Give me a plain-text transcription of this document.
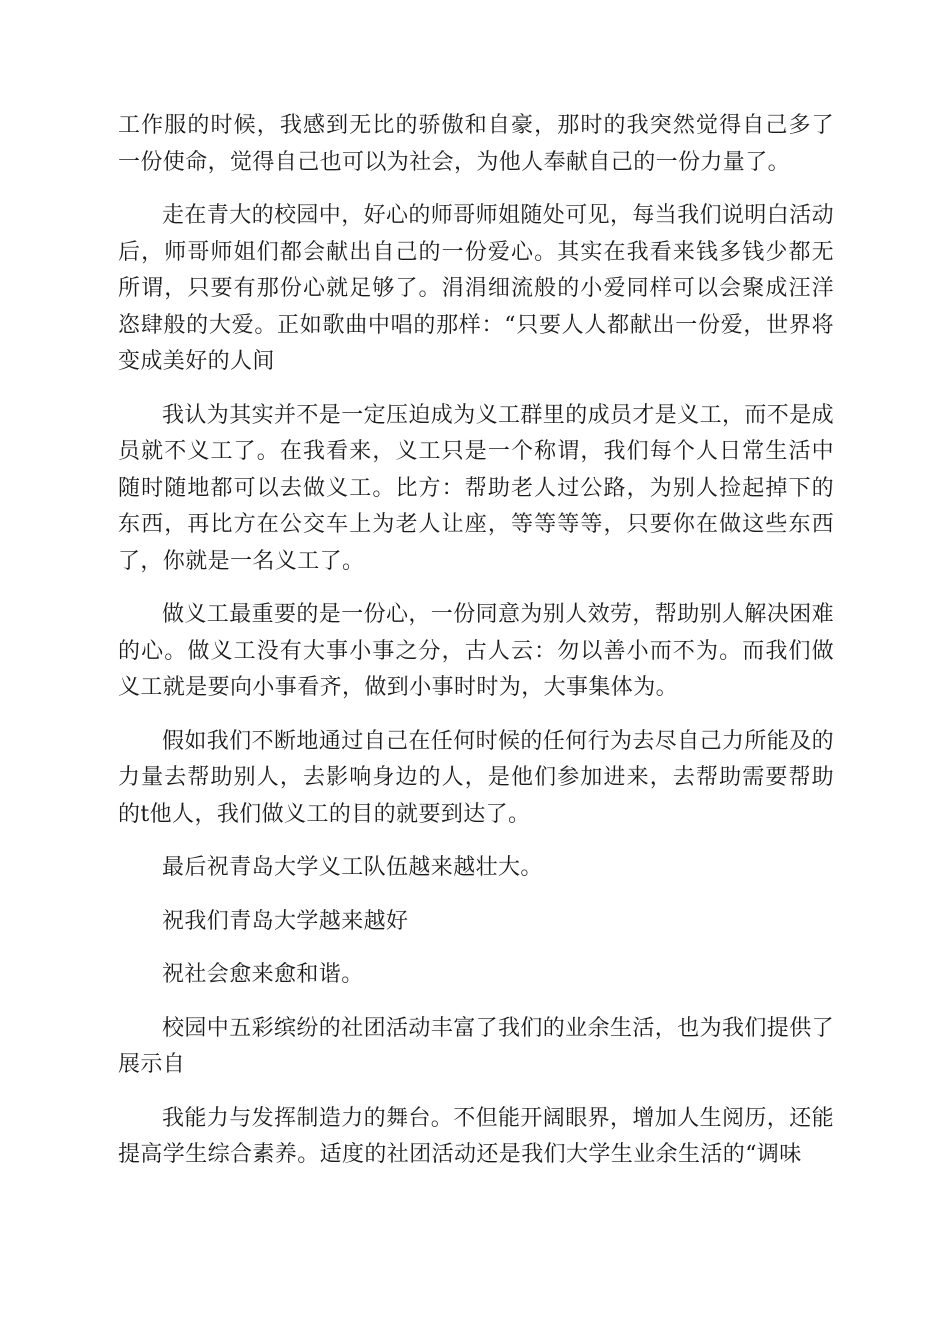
工作服的时候，我感到无比的骄傲和自豪，那时的我突然觉得自己多了一份使命，觉得自己也可以为社会，为他人奉献自己的一份力量了。

走在青大的校园中，好心的师哥师姐随处可见，每当我们说明白活动后，师哥师姐们都会献出自己的一份爱心。其实在我看来钱多钱少都无所谓，只要有那份心就足够了。涓涓细流般的小爱同样可以会聚成汪洋恣肆般的大爱。正如歌曲中唱的那样：“只要人人都献出一份爱，世界将变成美好的人间

我认为其实并不是一定压迫成为义工群里的成员才是义工，而不是成员就不义工了。在我看来，义工只是一个称谓，我们每个人日常生活中随时随地都可以去做义工。比方：帮助老人过公路，为别人捡起掉下的东西，再比方在公交车上为老人让座，等等等等，只要你在做这些东西了，你就是一名义工了。

做义工最重要的是一份心，一份同意为别人效劳，帮助别人解决困难的心。做义工没有大事小事之分，古人云：勿以善小而不为。而我们做义工就是要向小事看齐，做到小事时时为，大事集体为。

假如我们不断地通过自己在任何时候的任何行为去尽自己力所能及的力量去帮助别人，去影响身边的人，是他们参加进来，去帮助需要帮助的t他人，我们做义工的目的就要到达了。

最后祝青岛大学义工队伍越来越壮大。

祝我们青岛大学越来越好

祝社会愈来愈和谐。

校园中五彩缤纷的社团活动丰富了我们的业余生活，也为我们提供了展示自

我能力与发挥制造力的舞台。不但能开阔眼界，增加人生阅历，还能提高学生综合素养。适度的社团活动还是我们大学生业余生活的“调味
